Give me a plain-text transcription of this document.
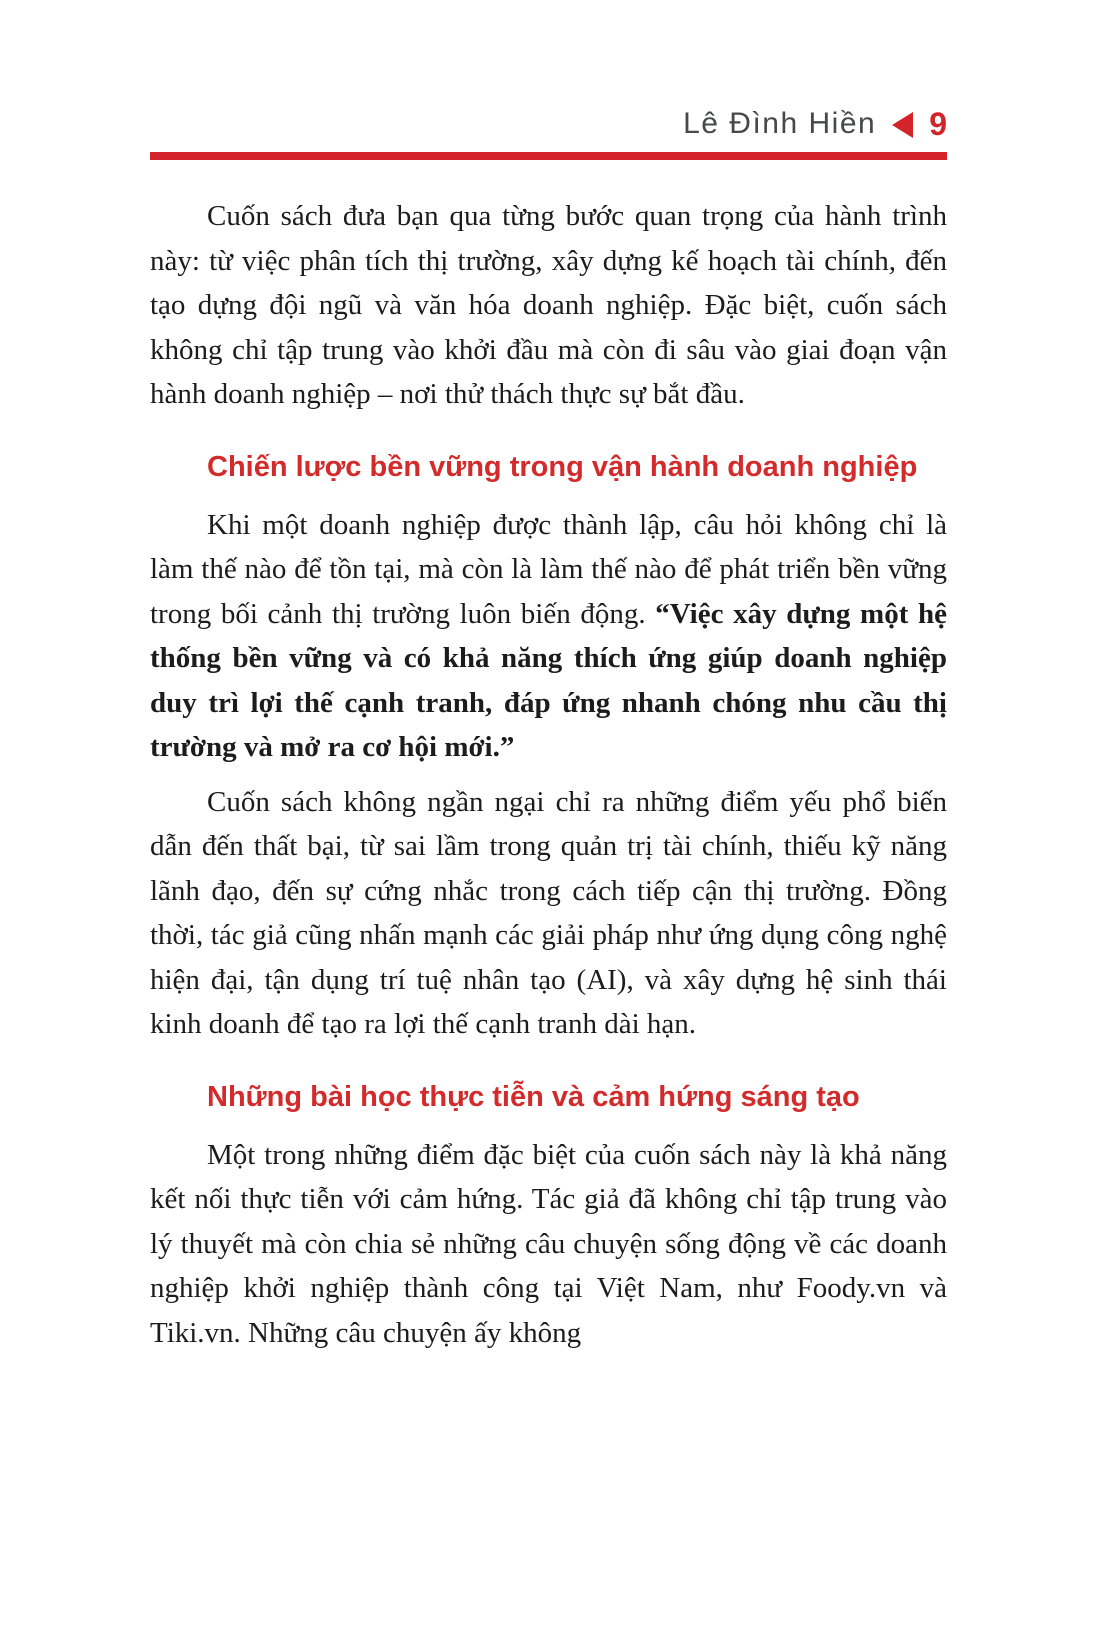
Lê Đình Hiền 9

Cuốn sách đưa bạn qua từng bước quan trọng của hành trình này: từ việc phân tích thị trường, xây dựng kế hoạch tài chính, đến tạo dựng đội ngũ và văn hóa doanh nghiệp. Đặc biệt, cuốn sách không chỉ tập trung vào khởi đầu mà còn đi sâu vào giai đoạn vận hành doanh nghiệp – nơi thử thách thực sự bắt đầu.

Chiến lược bền vững trong vận hành doanh nghiệp

Khi một doanh nghiệp được thành lập, câu hỏi không chỉ là làm thế nào để tồn tại, mà còn là làm thế nào để phát triển bền vững trong bối cảnh thị trường luôn biến động. “Việc xây dựng một hệ thống bền vững và có khả năng thích ứng giúp doanh nghiệp duy trì lợi thế cạnh tranh, đáp ứng nhanh chóng nhu cầu thị trường và mở ra cơ hội mới.”

Cuốn sách không ngần ngại chỉ ra những điểm yếu phổ biến dẫn đến thất bại, từ sai lầm trong quản trị tài chính, thiếu kỹ năng lãnh đạo, đến sự cứng nhắc trong cách tiếp cận thị trường. Đồng thời, tác giả cũng nhấn mạnh các giải pháp như ứng dụng công nghệ hiện đại, tận dụng trí tuệ nhân tạo (AI), và xây dựng hệ sinh thái kinh doanh để tạo ra lợi thế cạnh tranh dài hạn.

Những bài học thực tiễn và cảm hứng sáng tạo

Một trong những điểm đặc biệt của cuốn sách này là khả năng kết nối thực tiễn với cảm hứng. Tác giả đã không chỉ tập trung vào lý thuyết mà còn chia sẻ những câu chuyện sống động về các doanh nghiệp khởi nghiệp thành công tại Việt Nam, như Foody.vn và Tiki.vn. Những câu chuyện ấy không
